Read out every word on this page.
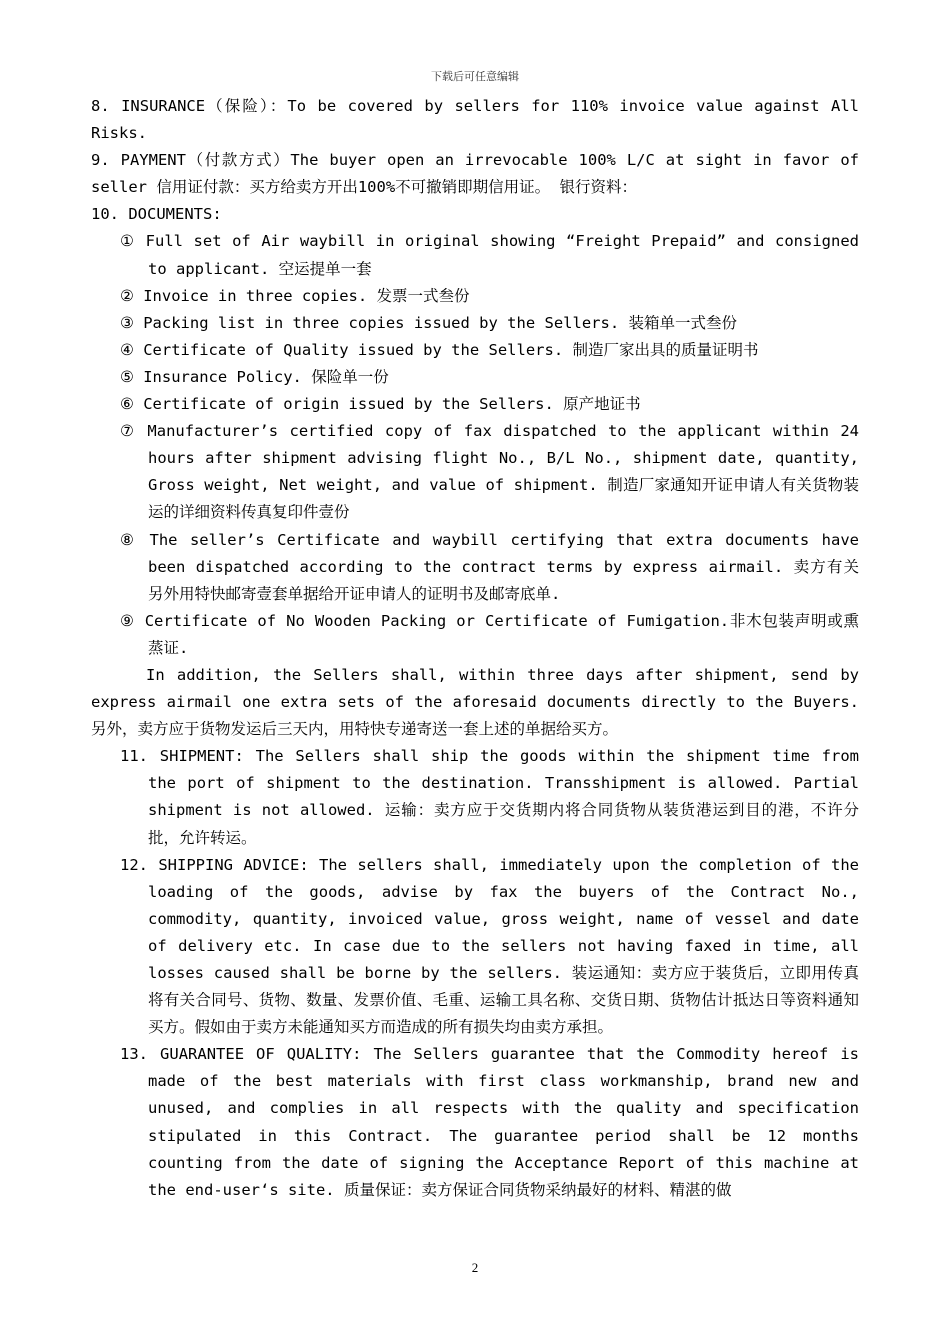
下载后可任意编辑

8. INSURANCE（保险）：To be covered by sellers for 110% invoice value against All Risks.

9. PAYMENT（付款方式）The buyer open an irrevocable 100% L/C at sight in favor of seller 信用证付款：买方给卖方开出100%不可撤销即期信用证。 银行资料：

10. DOCUMENTS:

① Full set of Air waybill in original showing “Freight Prepaid” and consigned to applicant. 空运提单一套

② Invoice in three copies. 发票一式叁份

③ Packing list in three copies issued by the Sellers. 装箱单一式叁份

④ Certificate of Quality issued by the Sellers. 制造厂家出具的质量证明书

⑤ Insurance Policy. 保险单一份

⑥ Certificate of origin issued by the Sellers. 原产地证书

⑦ Manufacturer’s certified copy of fax dispatched to the applicant within 24 hours after shipment advising flight No., B/L No., shipment date, quantity, Gross weight, Net weight, and value of shipment. 制造厂家通知开证申请人有关货物装运的详细资料传真复印件壹份

⑧ The seller’s Certificate and waybill certifying that extra documents have been dispatched according to the contract terms by express airmail. 卖方有关另外用特快邮寄壹套单据给开证申请人的证明书及邮寄底单.

⑨ Certificate of No Wooden Packing or Certificate of Fumigation.非木包装声明或熏蒸证.

In addition, the Sellers shall, within three days after shipment, send by express airmail one extra sets of the aforesaid documents directly to the Buyers. 另外，卖方应于货物发运后三天内，用特快专递寄送一套上述的单据给买方。

11. SHIPMENT: The Sellers shall ship the goods within the shipment time from the port of shipment to the destination. Transshipment is allowed. Partial shipment is not allowed. 运输：卖方应于交货期内将合同货物从装货港运到目的港，不许分批，允许转运。

12. SHIPPING ADVICE: The sellers shall, immediately upon the completion of the loading of the goods, advise by fax the buyers of the Contract No., commodity, quantity, invoiced value, gross weight, name of vessel and date of delivery etc. In case due to the sellers not having faxed in time, all losses caused shall be borne by the sellers. 装运通知：卖方应于装货后，立即用传真将有关合同号、货物、数量、发票价值、毛重、运输工具名称、交货日期、货物估计抵达日等资料通知买方。假如由于卖方未能通知买方而造成的所有损失均由卖方承担。

13. GUARANTEE OF QUALITY: The Sellers guarantee that the Commodity hereof is made of the best materials with first class workmanship, brand new and unused, and complies in all respects with the quality and specification stipulated in this Contract. The guarantee period shall be 12 months counting from the date of signing the Acceptance Report of this machine at the end-user‘s site. 质量保证：卖方保证合同货物采纳最好的材料、精湛的做

2
